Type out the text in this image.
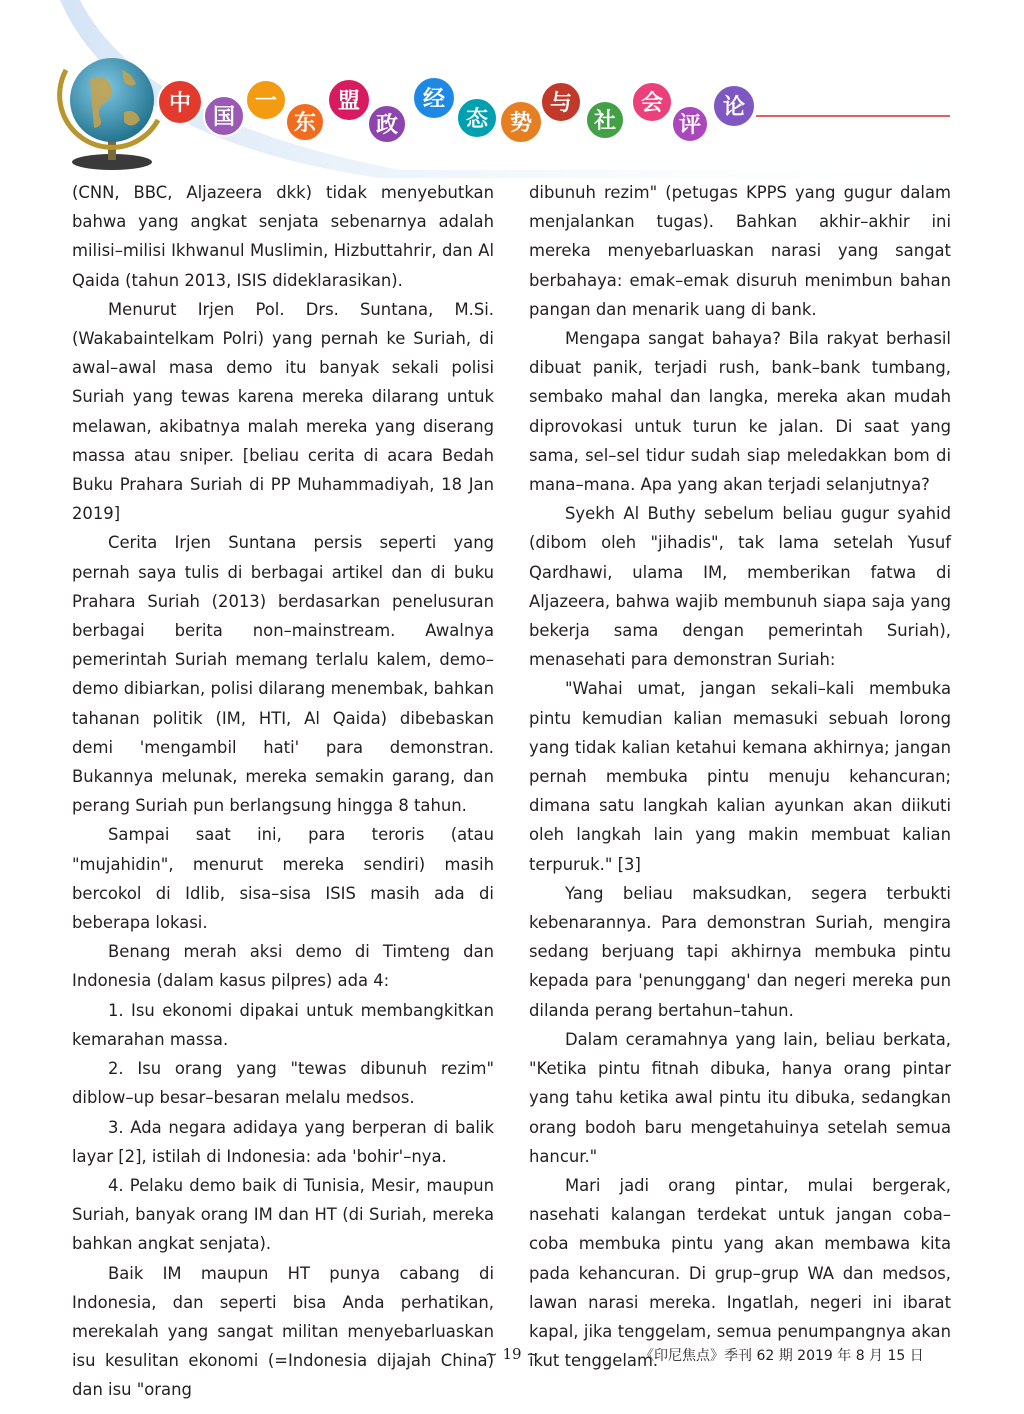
中
国
一
东
盟
政
经
态 势
与
社
会
评
论

(CNN, BBC, Aljazeera dkk) tidak menyebutkan bahwa yang angkat senjata sebenarnya adalah milisi–milisi Ikhwanul Muslimin, Hizbuttahrir, dan Al Qaida (tahun 2013, ISIS dideklarasikan).

Menurut Irjen Pol. Drs. Suntana, M.Si. (Wakabaintelkam Polri) yang pernah ke Suriah, di awal–awal masa demo itu banyak sekali polisi Suriah yang tewas karena mereka dilarang untuk melawan, akibatnya malah mereka yang diserang massa atau sniper. [beliau cerita di acara Bedah Buku Prahara Suriah di PP Muhammadiyah, 18 Jan 2019]

Cerita Irjen Suntana persis seperti yang pernah saya tulis di berbagai artikel dan di buku Prahara Suriah (2013) berdasarkan penelusuran berbagai berita non–mainstream. Awalnya pemerintah Suriah memang terlalu kalem, demo–demo dibiarkan, polisi dilarang menembak, bahkan tahanan politik (IM, HTI, Al Qaida) dibebaskan demi 'mengambil hati' para demonstran. Bukannya melunak, mereka semakin garang, dan perang Suriah pun berlangsung hingga 8 tahun.

Sampai saat ini, para teroris (atau "mujahidin", menurut mereka sendiri) masih bercokol di Idlib, sisa–sisa ISIS masih ada di beberapa lokasi.

Benang merah aksi demo di Timteng dan Indonesia (dalam kasus pilpres) ada 4:

1. Isu ekonomi dipakai untuk membangkitkan kemarahan massa.

2. Isu orang yang "tewas dibunuh rezim" diblow–up besar–besaran melalu medsos.

3. Ada negara adidaya yang berperan di balik layar [2], istilah di Indonesia: ada 'bohir'–nya.

4. Pelaku demo baik di Tunisia, Mesir, maupun Suriah, banyak orang IM dan HT (di Suriah, mereka bahkan angkat senjata).

Baik IM maupun HT punya cabang di Indonesia, dan seperti bisa Anda perhatikan, merekalah yang sangat militan menyebarluaskan isu kesulitan ekonomi (=Indonesia dijajah China) dan isu "orang

dibunuh rezim" (petugas KPPS yang gugur dalam menjalankan tugas). Bahkan akhir–akhir ini mereka menyebarluaskan narasi yang sangat berbahaya: emak–emak disuruh menimbun bahan pangan dan menarik uang di bank.

Mengapa sangat bahaya? Bila rakyat berhasil dibuat panik, terjadi rush, bank–bank tumbang, sembako mahal dan langka, mereka akan mudah diprovokasi untuk turun ke jalan. Di saat yang sama, sel–sel tidur sudah siap meledakkan bom di mana–mana. Apa yang akan terjadi selanjutnya?

Syekh Al Buthy sebelum beliau gugur syahid (dibom oleh "jihadis", tak lama setelah Yusuf Qardhawi, ulama IM, memberikan fatwa di Aljazeera, bahwa wajib membunuh siapa saja yang bekerja sama dengan pemerintah Suriah), menasehati para demonstran Suriah:

"Wahai umat, jangan sekali–kali membuka pintu kemudian kalian memasuki sebuah lorong yang tidak kalian ketahui kemana akhirnya; jangan pernah membuka pintu menuju kehancuran; dimana satu langkah kalian ayunkan akan diikuti oleh langkah lain yang makin membuat kalian terpuruk." [3]

Yang beliau maksudkan, segera terbukti kebenarannya. Para demonstran Suriah, mengira sedang berjuang tapi akhirnya membuka pintu kepada para 'penunggang' dan negeri mereka pun dilanda perang bertahun–tahun.

Dalam ceramahnya yang lain, beliau berkata, "Ketika pintu fitnah dibuka, hanya orang pintar yang tahu ketika awal pintu itu dibuka, sedangkan orang bodoh baru mengetahuinya setelah semua hancur."

Mari jadi orang pintar, mulai bergerak, nasehati kalangan terdekat untuk jangan coba–coba membuka pintu yang akan membawa kita pada kehancuran. Di grup–grup WA dan medsos, lawan narasi mereka. Ingatlah, negeri ini ibarat kapal, jika tenggelam, semua penumpangnya akan ikut tenggelam.

~ 19 ~	《印尼焦点》季刊 62 期 2019 年 8 月 15 日
